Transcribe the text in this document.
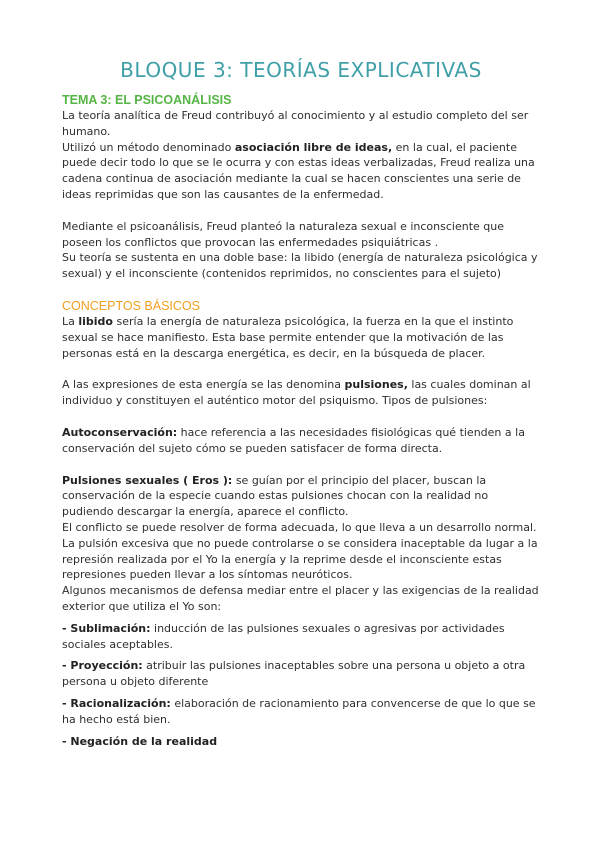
BLOQUE 3: TEORÍAS EXPLICATIVAS
TEMA 3: EL PSICOANÁLISIS

La teoría analítica de Freud contribuyó al conocimiento y al estudio completo del ser humano.

Utilizó un método denominado asociación libre de ideas, en la cual, el paciente puede decir todo lo que se le ocurra y con estas ideas verbalizadas, Freud realiza una cadena continua de asociación mediante la cual se hacen conscientes una serie de ideas reprimidas que son las causantes de la enfermedad.

Mediante el psicoanálisis, Freud planteó la naturaleza sexual e inconsciente que poseen los conflictos que provocan las enfermedades psiquiátricas .

Su teoría se sustenta en una doble base: la libido (energía de naturaleza psicológica y sexual) y el inconsciente (contenidos reprimidos, no conscientes para el sujeto)

CONCEPTOS BÁSICOS

La libido sería la energía de naturaleza psicológica, la fuerza en la que el instinto sexual se hace manifiesto. Esta base permite entender que la motivación de las personas está en la descarga energética, es decir, en la búsqueda de placer.

A las expresiones de esta energía se las denomina pulsiones, las cuales dominan al individuo y constituyen el auténtico motor del psiquismo. Tipos de pulsiones:

Autoconservación: hace referencia a las necesidades fisiológicas qué tienden a la conservación del sujeto cómo se pueden satisfacer de forma directa.

Pulsiones sexuales ( Eros ): se guían por el principio del placer, buscan la conservación de la especie cuando estas pulsiones chocan con la realidad no pudiendo descargar la energía, aparece el conflicto.

El conflicto se puede resolver de forma adecuada, lo que lleva a un desarrollo normal. La pulsión excesiva que no puede controlarse o se considera inaceptable da lugar a la represión realizada por el Yo la energía y la reprime desde el inconsciente estas represiones pueden llevar a los síntomas neuróticos.

Algunos mecanismos de defensa mediar entre el placer y las exigencias de la realidad exterior que utiliza el Yo son:

- Sublimación: inducción de las pulsiones sexuales o agresivas por actividades sociales aceptables.

- Proyección: atribuir las pulsiones inaceptables sobre una persona u objeto a otra persona u objeto diferente

- Racionalización: elaboración de racionamiento para convencerse de que lo que se ha hecho está bien.

- Negación de la realidad
